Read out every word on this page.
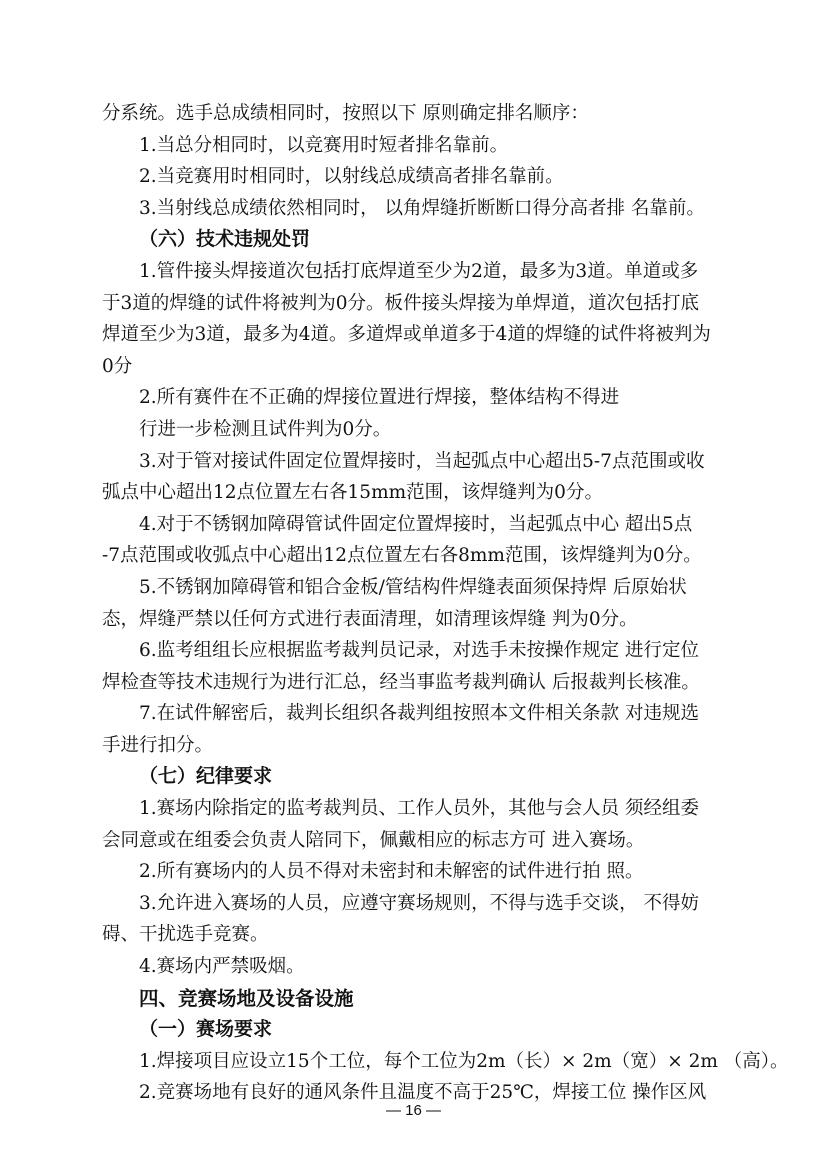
分系统。选手总成绩相同时，按照以下 原则确定排名顺序：
1.当总分相同时，以竞赛用时短者排名靠前。
2.当竞赛用时相同时，以射线总成绩高者排名靠前。
3.当射线总成绩依然相同时， 以角焊缝折断断口得分高者排 名靠前。
（六）技术违规处罚
1.管件接头焊接道次包括打底焊道至少为2道，最多为3道。单道或多
于3道的焊缝的试件将被判为0分。板件接头焊接为单焊道，道次包括打底
焊道至少为3道，最多为4道。多道焊或单道多于4道的焊缝的试件将被判为
0分
2.所有赛件在不正确的焊接位置进行焊接，整体结构不得进
行进一步检测且试件判为0分。
3.对于管对接试件固定位置焊接时，当起弧点中心超出5-7点范围或收
弧点中心超出12点位置左右各15mm范围，该焊缝判为0分。
4.对于不锈钢加障碍管试件固定位置焊接时，当起弧点中心 超出5点
-7点范围或收弧点中心超出12点位置左右各8mm范围，该焊缝判为0分。
5.不锈钢加障碍管和铝合金板/管结构件焊缝表面须保持焊 后原始状
态，焊缝严禁以任何方式进行表面清理，如清理该焊缝 判为0分。
6.监考组组长应根据监考裁判员记录，对选手未按操作规定 进行定位
焊检查等技术违规行为进行汇总，经当事监考裁判确认 后报裁判长核准。
7.在试件解密后，裁判长组织各裁判组按照本文件相关条款 对违规选
手进行扣分。
（七）纪律要求
1.赛场内除指定的监考裁判员、工作人员外，其他与会人员 须经组委
会同意或在组委会负责人陪同下，佩戴相应的标志方可 进入赛场。
2.所有赛场内的人员不得对未密封和未解密的试件进行拍 照。
3.允许进入赛场的人员，应遵守赛场规则，不得与选手交谈， 不得妨
碍、干扰选手竞赛。
4.赛场内严禁吸烟。
四、竞赛场地及设备设施
（一）赛场要求
1.焊接项目应设立15个工位，每个工位为2m（长）× 2m（宽）× 2m （高）。
2.竞赛场地有良好的通风条件且温度不高于25℃，焊接工位 操作区风
— 16 —
